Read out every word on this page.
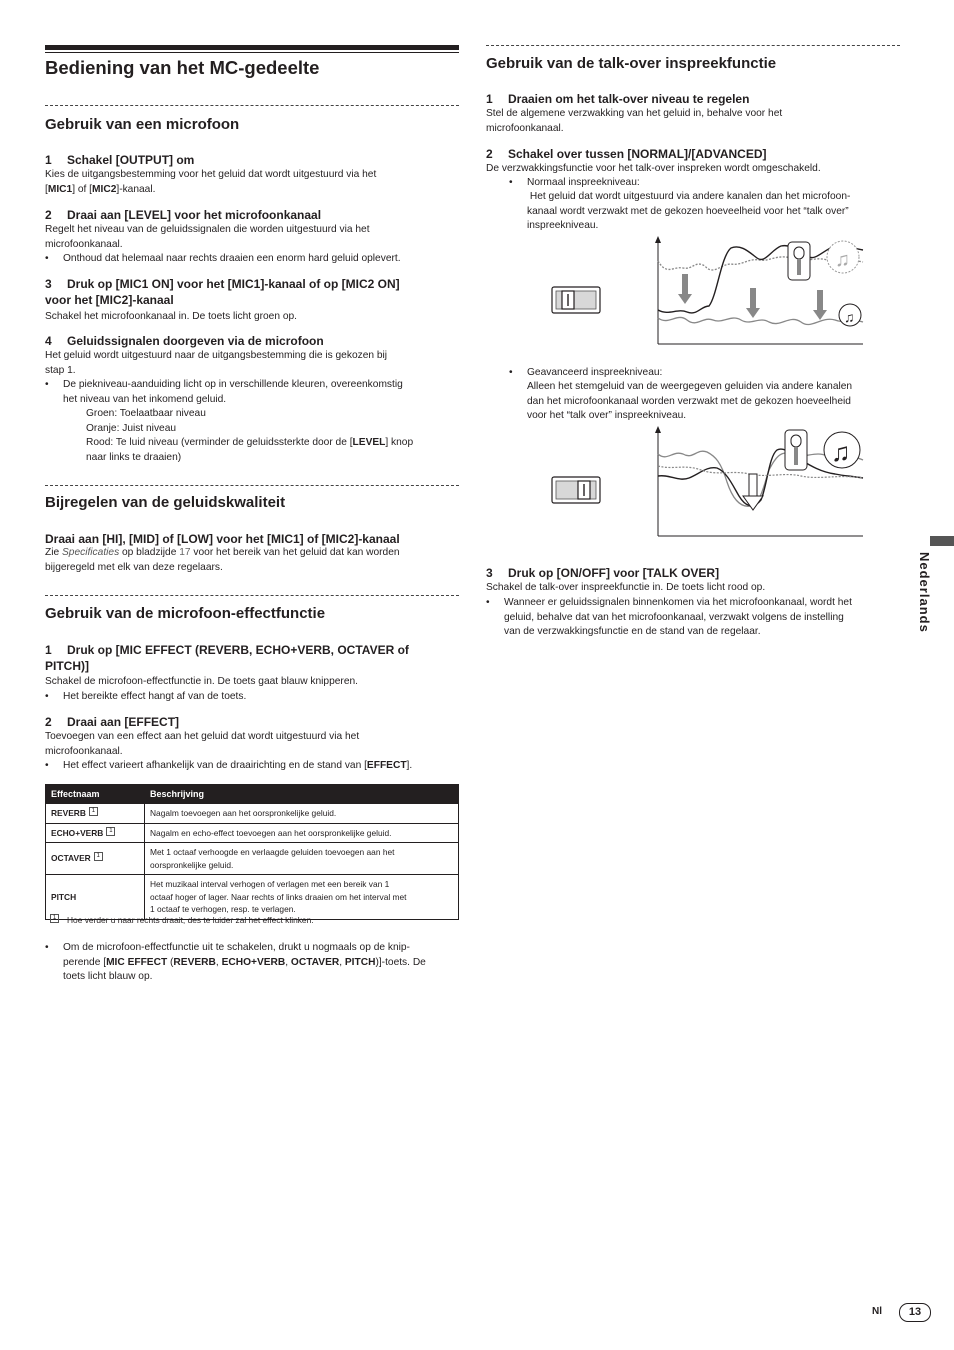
Bediening van het MC-gedeelte
Gebruik van een microfoon
1 Schakel [OUTPUT] om

Kies de uitgangsbestemming voor het geluid dat wordt uitgestuurd via het
[MIC1] of [MIC2]-kanaal.

2 Draai aan [LEVEL] voor het microfoonkanaal

Regelt het niveau van de geluidssignalen die worden uitgestuurd via het
microfoonkanaal.

• Onthoud dat helemaal naar rechts draaien een enorm hard geluid oplevert.

3 Druk op [MIC1 ON] voor het [MIC1]-kanaal of op [MIC2 ON]
voor het [MIC2]-kanaal

Schakel het microfoonkanaal in. De toets licht groen op.

4 Geluidssignalen doorgeven via de microfoon

Het geluid wordt uitgestuurd naar de uitgangsbestemming die is gekozen bij
stap 1.

• De piekniveau-aanduiding licht op in verschillende kleuren, overeenkomstig
het niveau van het inkomend geluid.

Groen: Toelaatbaar niveau
Oranje: Juist niveau
Rood: Te luid niveau (verminder de geluidssterkte door de [LEVEL] knop
naar links te draaien)

Bijregelen van de geluidskwaliteit
Draai aan [HI], [MID] of [LOW] voor het [MIC1] of [MIC2]-kanaal

Zie Specificaties op bladzijde 17 voor het bereik van het geluid dat kan worden
bijgeregeld met elk van deze regelaars.

Gebruik van de microfoon-effectfunctie
1 Druk op [MIC EFFECT (REVERB, ECHO+VERB, OCTAVER of
PITCH)]

Schakel de microfoon-effectfunctie in. De toets gaat blauw knipperen.

• Het bereikte effect hangt af van de toets.

2 Draai aan [EFFECT]

Toevoegen van een effect aan het geluid dat wordt uitgestuurd via het
microfoonkanaal.

• Het effect varieert afhankelijk van de draairichting en de stand van [EFFECT].

Effectnaam	Beschrijving
REVERB $^1$	Nagalm toevoegen aan het oorspronkelijke geluid.
ECHO+VERB $^1$	Nagalm en echo-effect toevoegen aan het oorspronkelijke geluid.
OCTAVER $^1$	Met 1 octaaf verhoogde en verlaagde geluiden toevoegen aan het
oorspronkelijke geluid.
PITCH	Het muzikaal interval verhogen of verlagen met een bereik van 1
octaaf hoger of lager. Naar rechts of links draaien om het interval met
1 octaaf te verhogen, resp. te verlagen.

$^1$ Hoe verder u naar rechts draait, des te luider zal het effect klinken.

• Om de microfoon-effectfunctie uit te schakelen, drukt u nogmaals op de knip-
perende [MIC EFFECT (REVERB, ECHO+VERB, OCTAVER, PITCH)]-toets. De
toets licht blauw op.

Gebruik van de talk-over inspreekfunctie
1 Draaien om het talk-over niveau te regelen

Stel de algemene verzwakking van het geluid in, behalve voor het
microfoonkanaal.

2 Schakel over tussen [NORMAL]/[ADVANCED]

De verzwakkingsfunctie voor het talk-over inspreken wordt omgeschakeld.

• Normaal inspreekniveau:

Het geluid dat wordt uitgestuurd via andere kanalen dan het microfoon-
kanaal wordt verzwakt met de gekozen hoeveelheid voor het “talk over”
inspreekniveau.

♫
♫

• Geavanceerd inspreekniveau:

Alleen het stemgeluid van de weergegeven geluiden via andere kanalen
dan het microfoonkanaal worden verzwakt met de gekozen hoeveelheid
voor het “talk over” inspreekniveau.

♫
3 Druk op [ON/OFF] voor [TALK OVER]

Schakel de talk-over inspreekfunctie in. De toets licht rood op.

• Wanneer er geluidssignalen binnenkomen via het microfoonkanaal, wordt het
geluid, behalve dat van het microfoonkanaal, verzwakt volgens de instelling
van de verzwakkingsfunctie en de stand van de regelaar.	Nederlands
Nl	13
